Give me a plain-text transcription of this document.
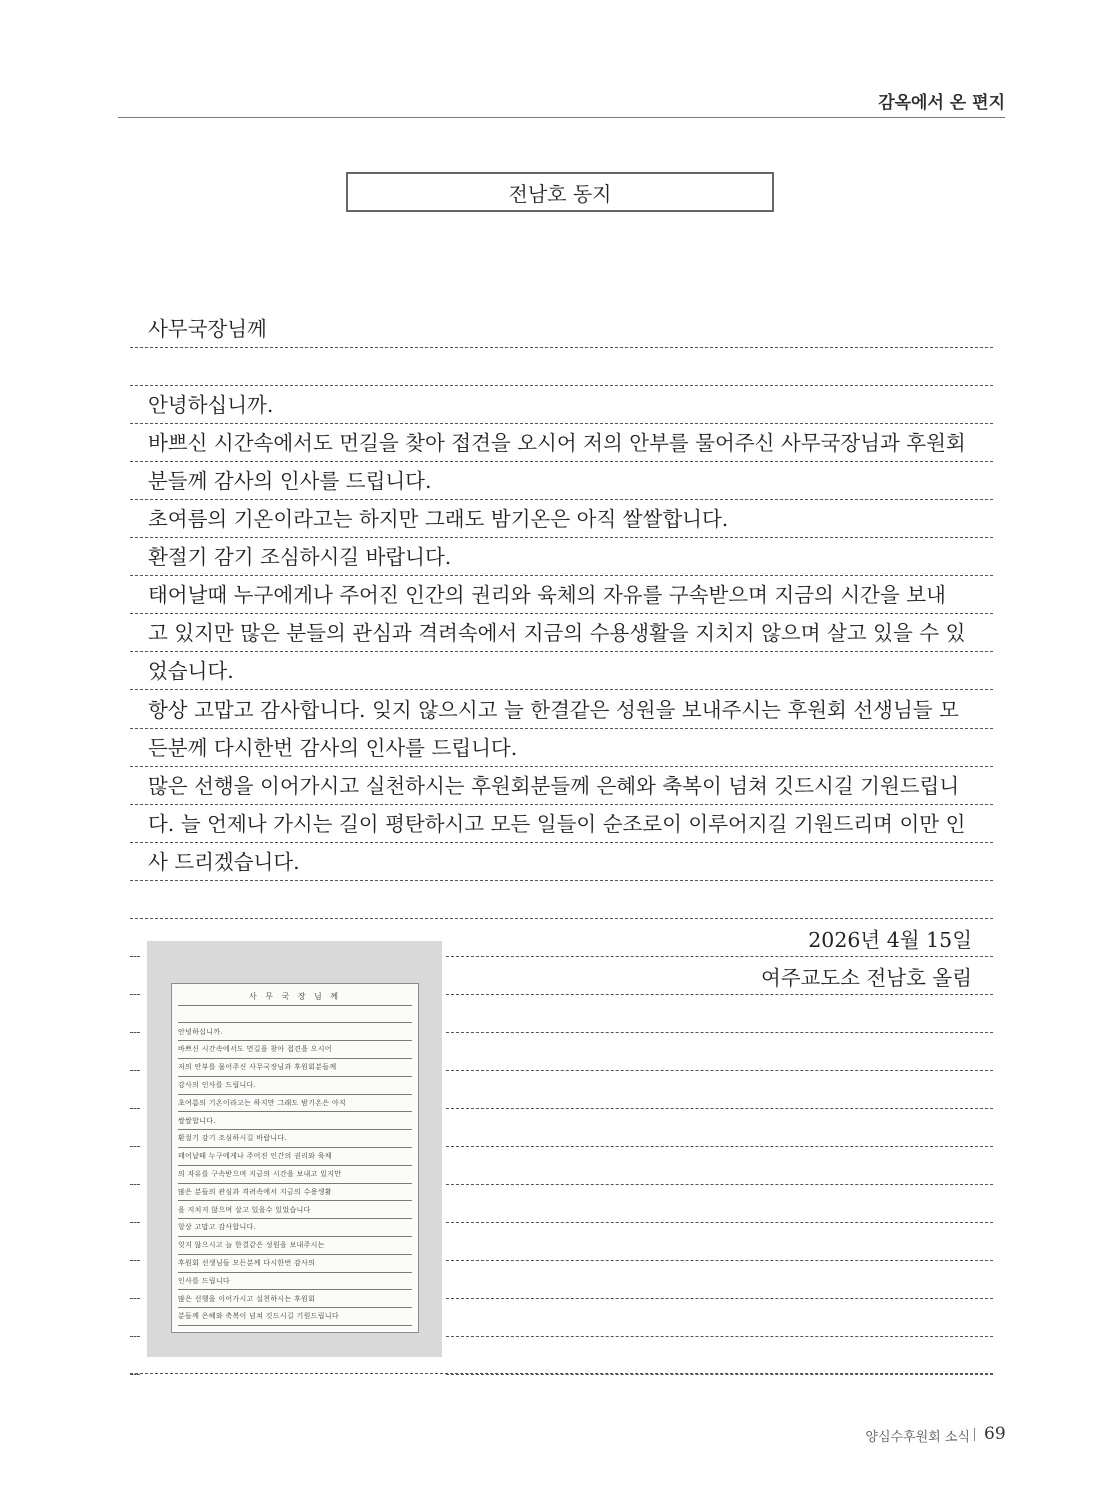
감옥에서 온 편지
전남호 동지
사무국장님께
안녕하십니까.
바쁘신 시간속에서도 먼길을 찾아 접견을 오시어 저의 안부를 물어주신 사무국장님과 후원회
분들께 감사의 인사를 드립니다.
초여름의 기온이라고는 하지만 그래도 밤기온은 아직 쌀쌀합니다.
환절기 감기 조심하시길 바랍니다.
태어날때 누구에게나 주어진 인간의 권리와 육체의 자유를 구속받으며 지금의 시간을 보내
고 있지만 많은 분들의 관심과 격려속에서 지금의 수용생활을 지치지 않으며 살고 있을 수 있
었습니다.
항상 고맙고 감사합니다. 잊지 않으시고 늘 한결같은 성원을 보내주시는 후원회 선생님들 모
든분께 다시한번 감사의 인사를 드립니다.
많은 선행을 이어가시고 실천하시는 후원회분들께 은혜와 축복이 넘쳐 깃드시길 기원드립니
다. 늘 언제나 가시는 길이 평탄하시고 모든 일들이 순조로이 이루어지길 기원드리며 이만 인
사 드리겠습니다.
2026년 4월 15일
여주교도소 전남호 올림
사 무 국 장 님 께
안녕하십니까.
바쁘신 시간속에서도 먼길을 찾아 접견을 오시어
저의 안부를 물어주신 사무국장님과 후원회분들께
감사의 인사를 드립니다.
초여름의 기온이라고는 하지만 그래도 밤기온은 아직
쌀쌀합니다.
환절기 감기 조심하시길 바랍니다.
태어날때 누구에게나 주어진 인간의 권리와 육체
의 자유를 구속받으며 지금의 시간을 보내고 있지만
많은 분들의 관심과 격려속에서 지금의 수용생활
을 지치지 않으며 살고 있을수 있었습니다
항상 고맙고 감사합니다.
잊지 않으시고 늘 한결같은 성원을 보내주시는
후원회 선생님들 모든분께 다시한번 감사의
인사를 드립니다
많은 선행을 이어가시고 실천하시는 후원회
분들께 은혜와 축복이 넘쳐 깃드시길 기원드립니다
양심수후원회 소식 69
